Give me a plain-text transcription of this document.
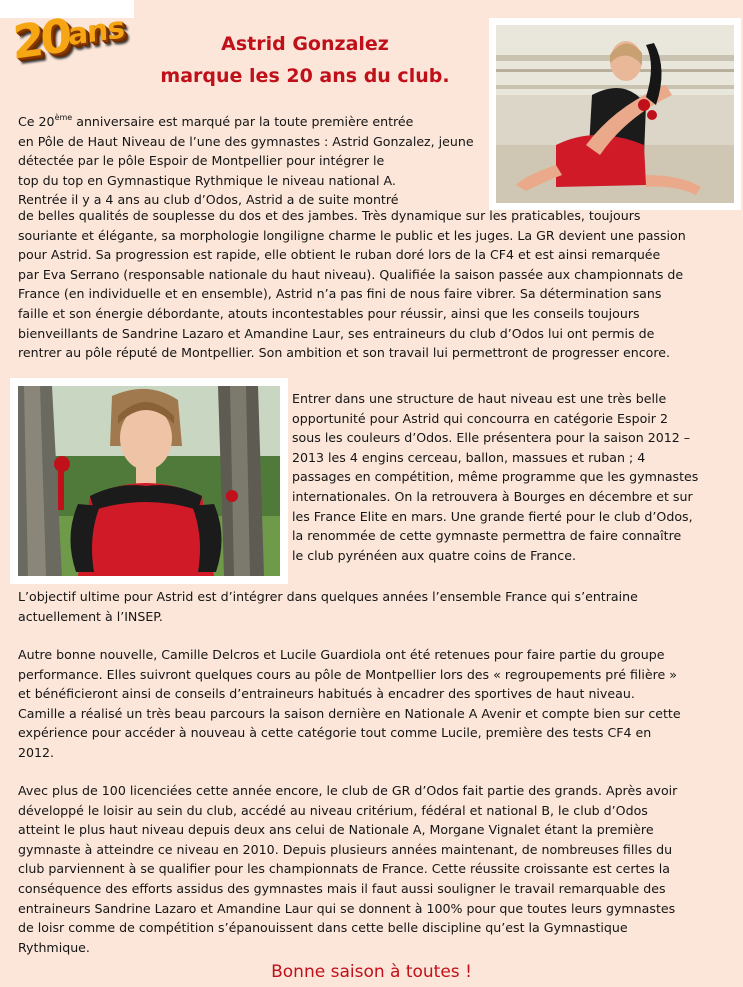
20ans	Astrid Gonzalez
marque les 20 ans du club.
Ce 20ème anniversaire est marqué par la toute première entrée
en Pôle de Haut Niveau de l’une des gymnastes : Astrid Gonzalez, jeune
détectée par le pôle Espoir de Montpellier pour intégrer le
top du top en Gymnastique Rythmique le niveau national A.
Rentrée il y a 4 ans au club d’Odos, Astrid a de suite montré
de belles qualités de souplesse du dos et des jambes. Très dynamique sur les praticables, toujours
souriante et élégante, sa morphologie longiligne charme le public et les juges. La GR devient une passion
pour Astrid. Sa progression est rapide, elle obtient le ruban doré lors de la CF4 et est ainsi remarquée
par Eva Serrano (responsable nationale du haut niveau). Qualifiée la saison passée aux championnats de
France (en individuelle et en ensemble), Astrid n’a pas fini de nous faire vibrer. Sa détermination sans
faille et son énergie débordante, atouts incontestables pour réussir, ainsi que les conseils toujours
bienveillants de Sandrine Lazaro et Amandine Laur, ses entraineurs du club d’Odos lui ont permis de
rentrer au pôle réputé de Montpellier. Son ambition et son travail lui permettront de progresser encore.
Entrer dans une structure de haut niveau est une très belle
opportunité pour Astrid qui concourra en catégorie Espoir 2
sous les couleurs d’Odos. Elle présentera pour la saison 2012 –
2013 les 4 engins cerceau, ballon, massues et ruban ; 4
passages en compétition, même programme que les gymnastes
internationales. On la retrouvera à Bourges en décembre et sur
les France Elite en mars. Une grande fierté pour le club d’Odos,
la renommée de cette gymnaste permettra de faire connaître
le club pyrénéen aux quatre coins de France.
L’objectif ultime pour Astrid est d’intégrer dans quelques années l’ensemble France qui s’entraine
actuellement à l’INSEP.
Autre bonne nouvelle, Camille Delcros et Lucile Guardiola ont été retenues pour faire partie du groupe
performance. Elles suivront quelques cours au pôle de Montpellier lors des « regroupements pré filière »
et bénéficieront ainsi de conseils d’entraineurs habitués à encadrer des sportives de haut niveau.
Camille a réalisé un très beau parcours la saison dernière en Nationale A Avenir et compte bien sur cette
expérience pour accéder à nouveau à cette catégorie tout comme Lucile, première des tests CF4 en
2012.
Avec plus de 100 licenciées cette année encore, le club de GR d’Odos fait partie des grands. Après avoir
développé le loisir au sein du club, accédé au niveau critérium, fédéral et national B, le club d’Odos
atteint le plus haut niveau depuis deux ans celui de Nationale A, Morgane Vignalet étant la première
gymnaste à atteindre ce niveau en 2010. Depuis plusieurs années maintenant, de nombreuses filles du
club parviennent à se qualifier pour les championnats de France. Cette réussite croissante est certes la
conséquence des efforts assidus des gymnastes mais il faut aussi souligner le travail remarquable des
entraineurs Sandrine Lazaro et Amandine Laur qui se donnent à 100% pour que toutes leurs gymnastes
de loisr comme de compétition s’épanouissent dans cette belle discipline qu’est la Gymnastique
Rythmique.
Bonne saison à toutes !
